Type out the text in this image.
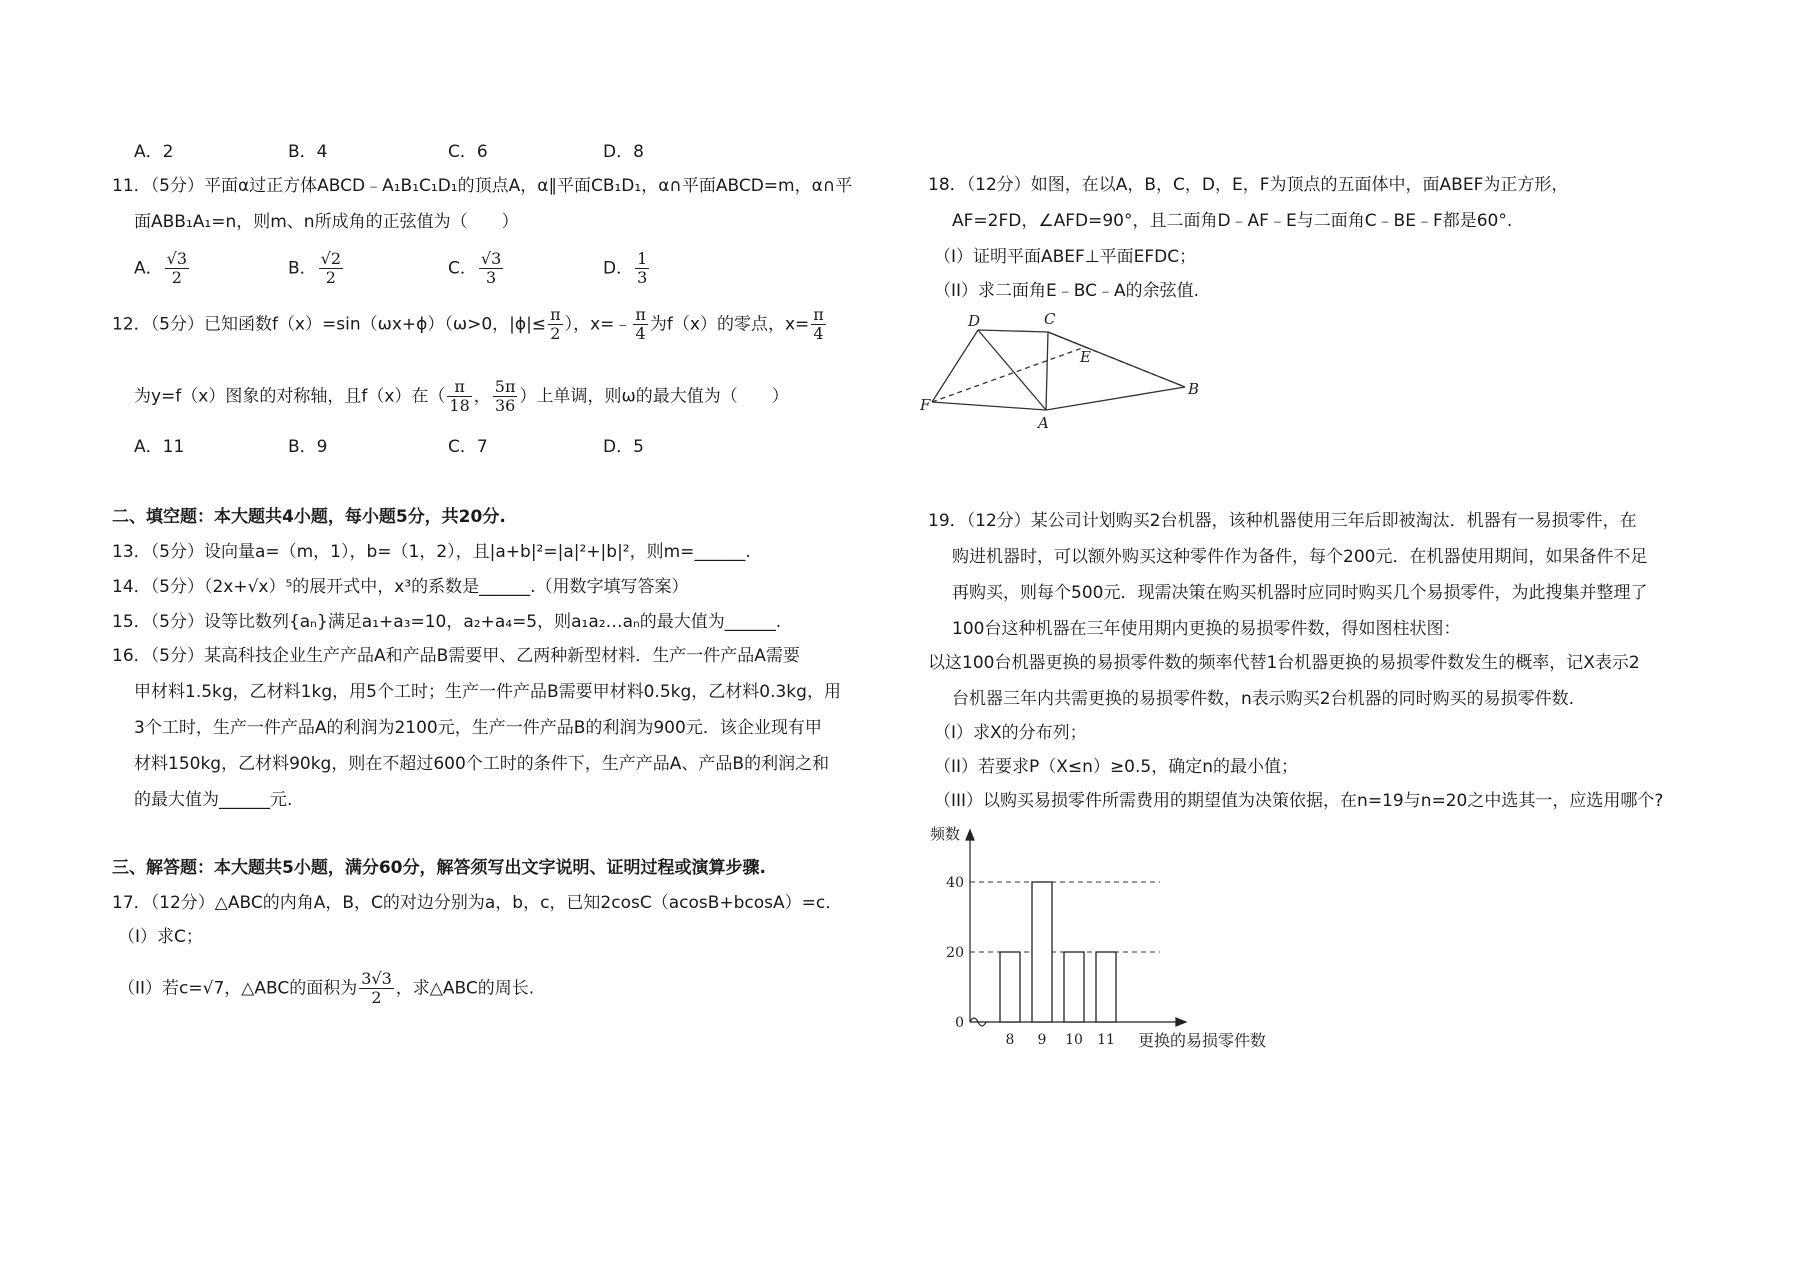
A．2	B．4	C．6	D．8
11．（5分）平面α过正方体ABCD﹣A₁B₁C₁D₁的顶点A，α∥平面CB₁D₁，α∩平面ABCD=m，α∩平
面ABB₁A₁=n，则m、n所成角的正弦值为（　　）
A． $\frac{√3}{2}$	B． $\frac{√2}{2}$	C． $\frac{√3}{3}$	D． $\frac{1}{3}$
12．（5分）已知函数f（x）=sin（ωx+ϕ）（ω>0，$|\phi|\le \frac{\pi}{2}$ ），x=﹣ $\frac{\pi}{4}$ 为f（x）的零点，$x= \frac{\pi}{4}$
为y=f（x）图象的对称轴，且f（x）在（ $\frac{\pi}{18}$ ， $\frac{5\pi}{36}$ ）上单调，则ω的最大值为（　　）
A．11	B．9	C．7	D．5
二、填空题：本大题共4小题，每小题5分，共20分.
13．（5分）设向量a=（m，1），b=（1，2），且|a+b|²=|a|²+|b|²，则m=______.
14．（5分）（2x+√x）⁵的展开式中，x³的系数是______.（用数字填写答案）
15．（5分）设等比数列{aₙ}满足a₁+a₃=10，a₂+a₄=5，则a₁a₂…aₙ的最大值为______.
16．（5分）某高科技企业生产产品A和产品B需要甲、乙两种新型材料．生产一件产品A需要
甲材料1.5kg，乙材料1kg，用5个工时；生产一件产品B需要甲材料0.5kg，乙材料0.3kg，用
3个工时，生产一件产品A的利润为2100元，生产一件产品B的利润为900元．该企业现有甲
材料150kg，乙材料90kg，则在不超过600个工时的条件下，生产产品A、产品B的利润之和
的最大值为______元.
三、解答题：本大题共5小题，满分60分，解答须写出文字说明、证明过程或演算步骤.
17．（12分）△ABC的内角A，B，C的对边分别为a，b，c，已知2cosC（acosB+bcosA）=c．
（I）求C；
（II）若c=√7，△ABC的面积为 $\frac{3√3}{2}$ ，求△ABC的周长.
18．（12分）如图，在以A，B，C，D，E，F为顶点的五面体中，面ABEF为正方形，
AF=2FD，∠AFD=90°，且二面角D﹣AF﹣E与二面角C﹣BE﹣F都是60°.
（I）证明平面ABEF⊥平面EFDC；
（II）求二面角E﹣BC﹣A的余弦值.
D	C
E
B
F
A
19．（12分）某公司计划购买2台机器，该种机器使用三年后即被淘汰．机器有一易损零件，在
购进机器时，可以额外购买这种零件作为备件，每个200元．在机器使用期间，如果备件不足
再购买，则每个500元．现需决策在购买机器时应同时购买几个易损零件，为此搜集并整理了
100台这种机器在三年使用期内更换的易损零件数，得如图柱状图：
以这100台机器更换的易损零件数的频率代替1台机器更换的易损零件数发生的概率，记X表示2
台机器三年内共需更换的易损零件数，n表示购买2台机器的同时购买的易损零件数.
（I）求X的分布列；
（II）若要求P（X≤n）≥0.5，确定n的最小值；
（III）以购买易损零件所需费用的期望值为决策依据，在n=19与n=20之中选其一，应选用哪个?
0
20
40
8 9 10 11
频数
更换的易损零件数
